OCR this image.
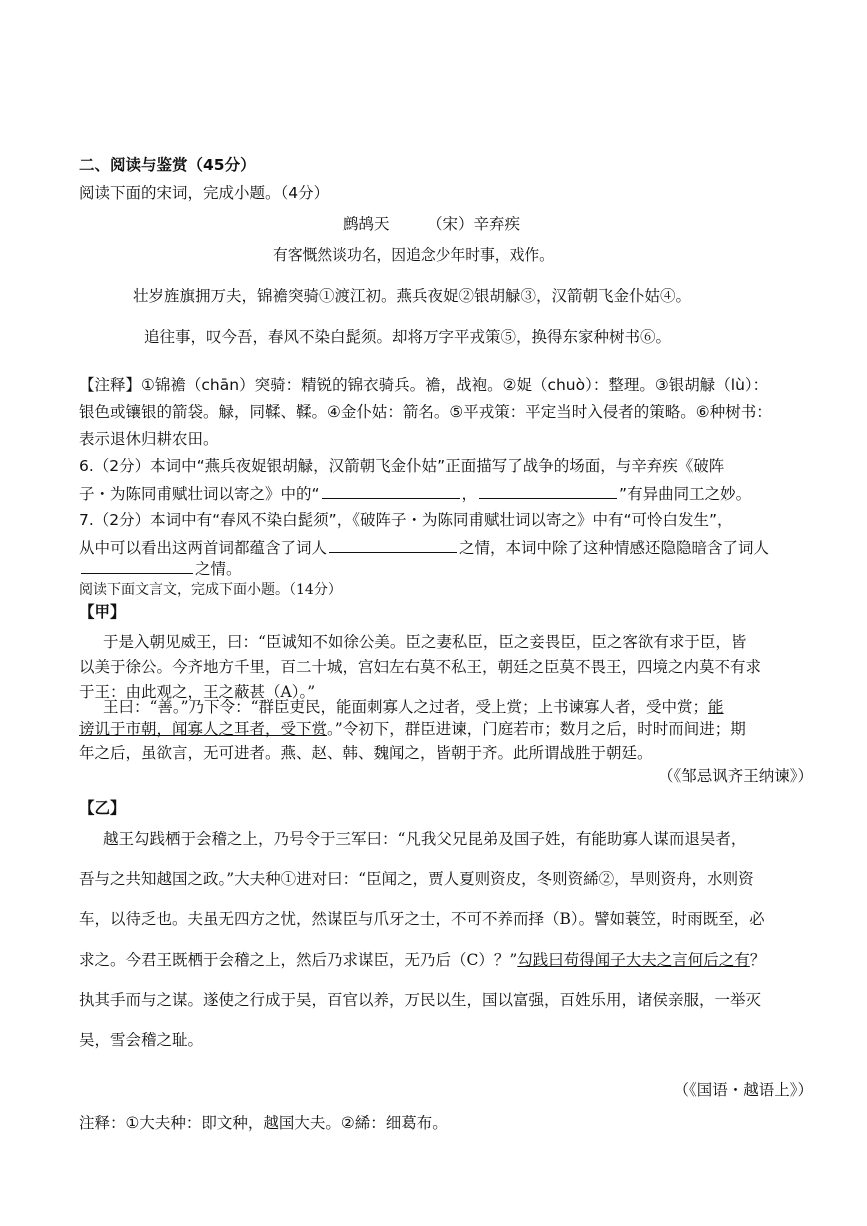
二、阅读与鉴赏（45分）
阅读下面的宋词，完成小题。（4分）
鹧鸪天 （宋）辛弃疾
有客慨然谈功名，因追念少年时事，戏作。
壮岁旌旗拥万夫，锦襜突骑①渡江初。燕兵夜娖②银胡觮③，汉箭朝飞金仆姑④。
追往事，叹今吾，春风不染白髭须。却将万字平戎策⑤，换得东家种树书⑥。
【注释】①锦襜（chān）突骑：精锐的锦衣骑兵。襜，战袍。②娖（chuò）：整理。③银胡觮（lù）：
银色或镶银的箭袋。觮，同鞣、鞣。④金仆姑：箭名。⑤平戎策：平定当时入侵者的策略。⑥种树书：
表示退休归耕农田。
6.（2分）本词中“燕兵夜娖银胡觮，汉箭朝飞金仆姑”正面描写了战争的场面，与辛弃疾《破阵
子・为陈同甫赋壮词以寄之》中的“	，	”有异曲同工之妙。
7.（2分）本词中有“春风不染白髭须”，《破阵子・为陈同甫赋壮词以寄之》中有“可怜白发生”，
从中可以看出这两首词都蕴含了词人	之情，本词中除了这种情感还隐隐暗含了词人
之情。
阅读下面文言文，完成下面小题。（14分）
【甲】
于是入朝见威王，曰：“臣诚知不如徐公美。臣之妻私臣，臣之妾畏臣，臣之客欲有求于臣，皆
以美于徐公。今齐地方千里，百二十城，宫妇左右莫不私王，朝廷之臣莫不畏王，四境之内莫不有求
于王：由此观之，王之蔽甚（A）。”
王曰：“善。”乃下令：“群臣吏民，能面刺寡人之过者，受上赏；上书谏寡人者，受中赏；能
谤讥于市朝，闻寡人之耳者，受下赏。”令初下，群臣进谏，门庭若市；数月之后，时时而间进；期
年之后，虽欲言，无可进者。燕、赵、韩、魏闻之，皆朝于齐。此所谓战胜于朝廷。
（《邹忌讽齐王纳谏》）
【乙】
越王勾践栖于会稽之上，乃号令于三军曰：“凡我父兄昆弟及国子姓，有能助寡人谋而退吴者，
吾与之共知越国之政。”大夫种①进对曰：“臣闻之，贾人夏则资皮，冬则资絺②，旱则资舟，水则资
车，以待乏也。夫虽无四方之忧，然谋臣与爪牙之士，不可不养而择（B）。譬如蓑笠，时雨既至，必
求之。今君王既栖于会稽之上，然后乃求谋臣，无乃后（C）？”勾践曰苟得闻子大夫之言何后之有？
执其手而与之谋。遂使之行成于吴，百官以养，万民以生，国以富强，百姓乐用，诸侯亲服，一举灭
吴，雪会稽之耻。
（《国语・越语上》）
注释：①大夫种：即文种，越国大夫。②絺：细葛布。
